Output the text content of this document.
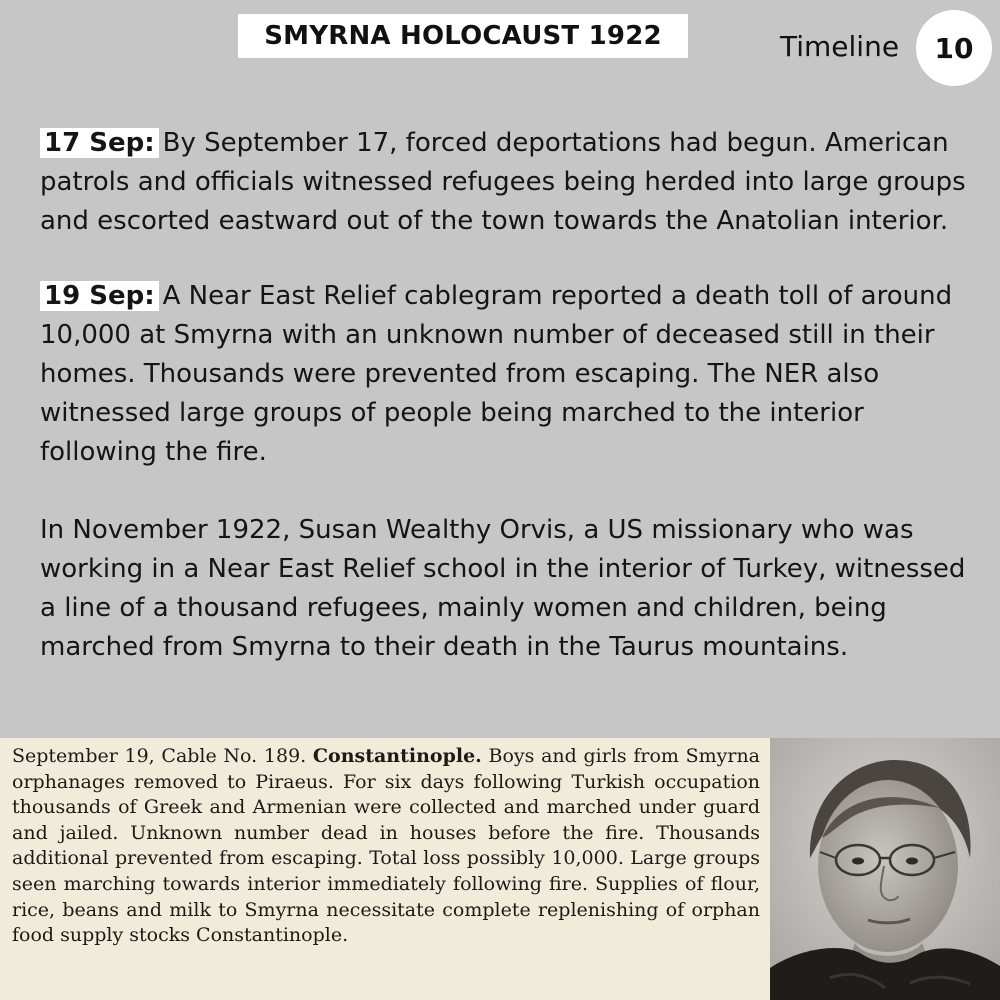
SMYRNA HOLOCAUST 1922	Timeline	10
17 Sep: By September 17, forced deportations had begun. American patrols and officials witnessed refugees being herded into large groups and escorted eastward out of the town towards the Anatolian interior.
19 Sep: A Near East Relief cablegram reported a death toll of around 10,000 at Smyrna with an unknown number of deceased still in their homes. Thousands were prevented from escaping. The NER also witnessed large groups of people being marched to the interior following the fire.
In November 1922, Susan Wealthy Orvis, a US missionary who was working in a Near East Relief school in the interior of Turkey, witnessed a line of a thousand refugees, mainly women and children, being marched from Smyrna to their death in the Taurus mountains.
September 19, Cable No. 189. Constantinople. Boys and girls from Smyrna orphanages removed to Piraeus. For six days following Turkish occupation thousands of Greek and Armenian were collected and marched under guard and jailed. Unknown number dead in houses before the fire. Thousands additional prevented from escaping. Total loss possibly 10,000. Large groups seen marching towards interior immediately following fire. Supplies of flour, rice, beans and milk to Smyrna necessitate complete replenishing of orphan food supply stocks Constantinople.
